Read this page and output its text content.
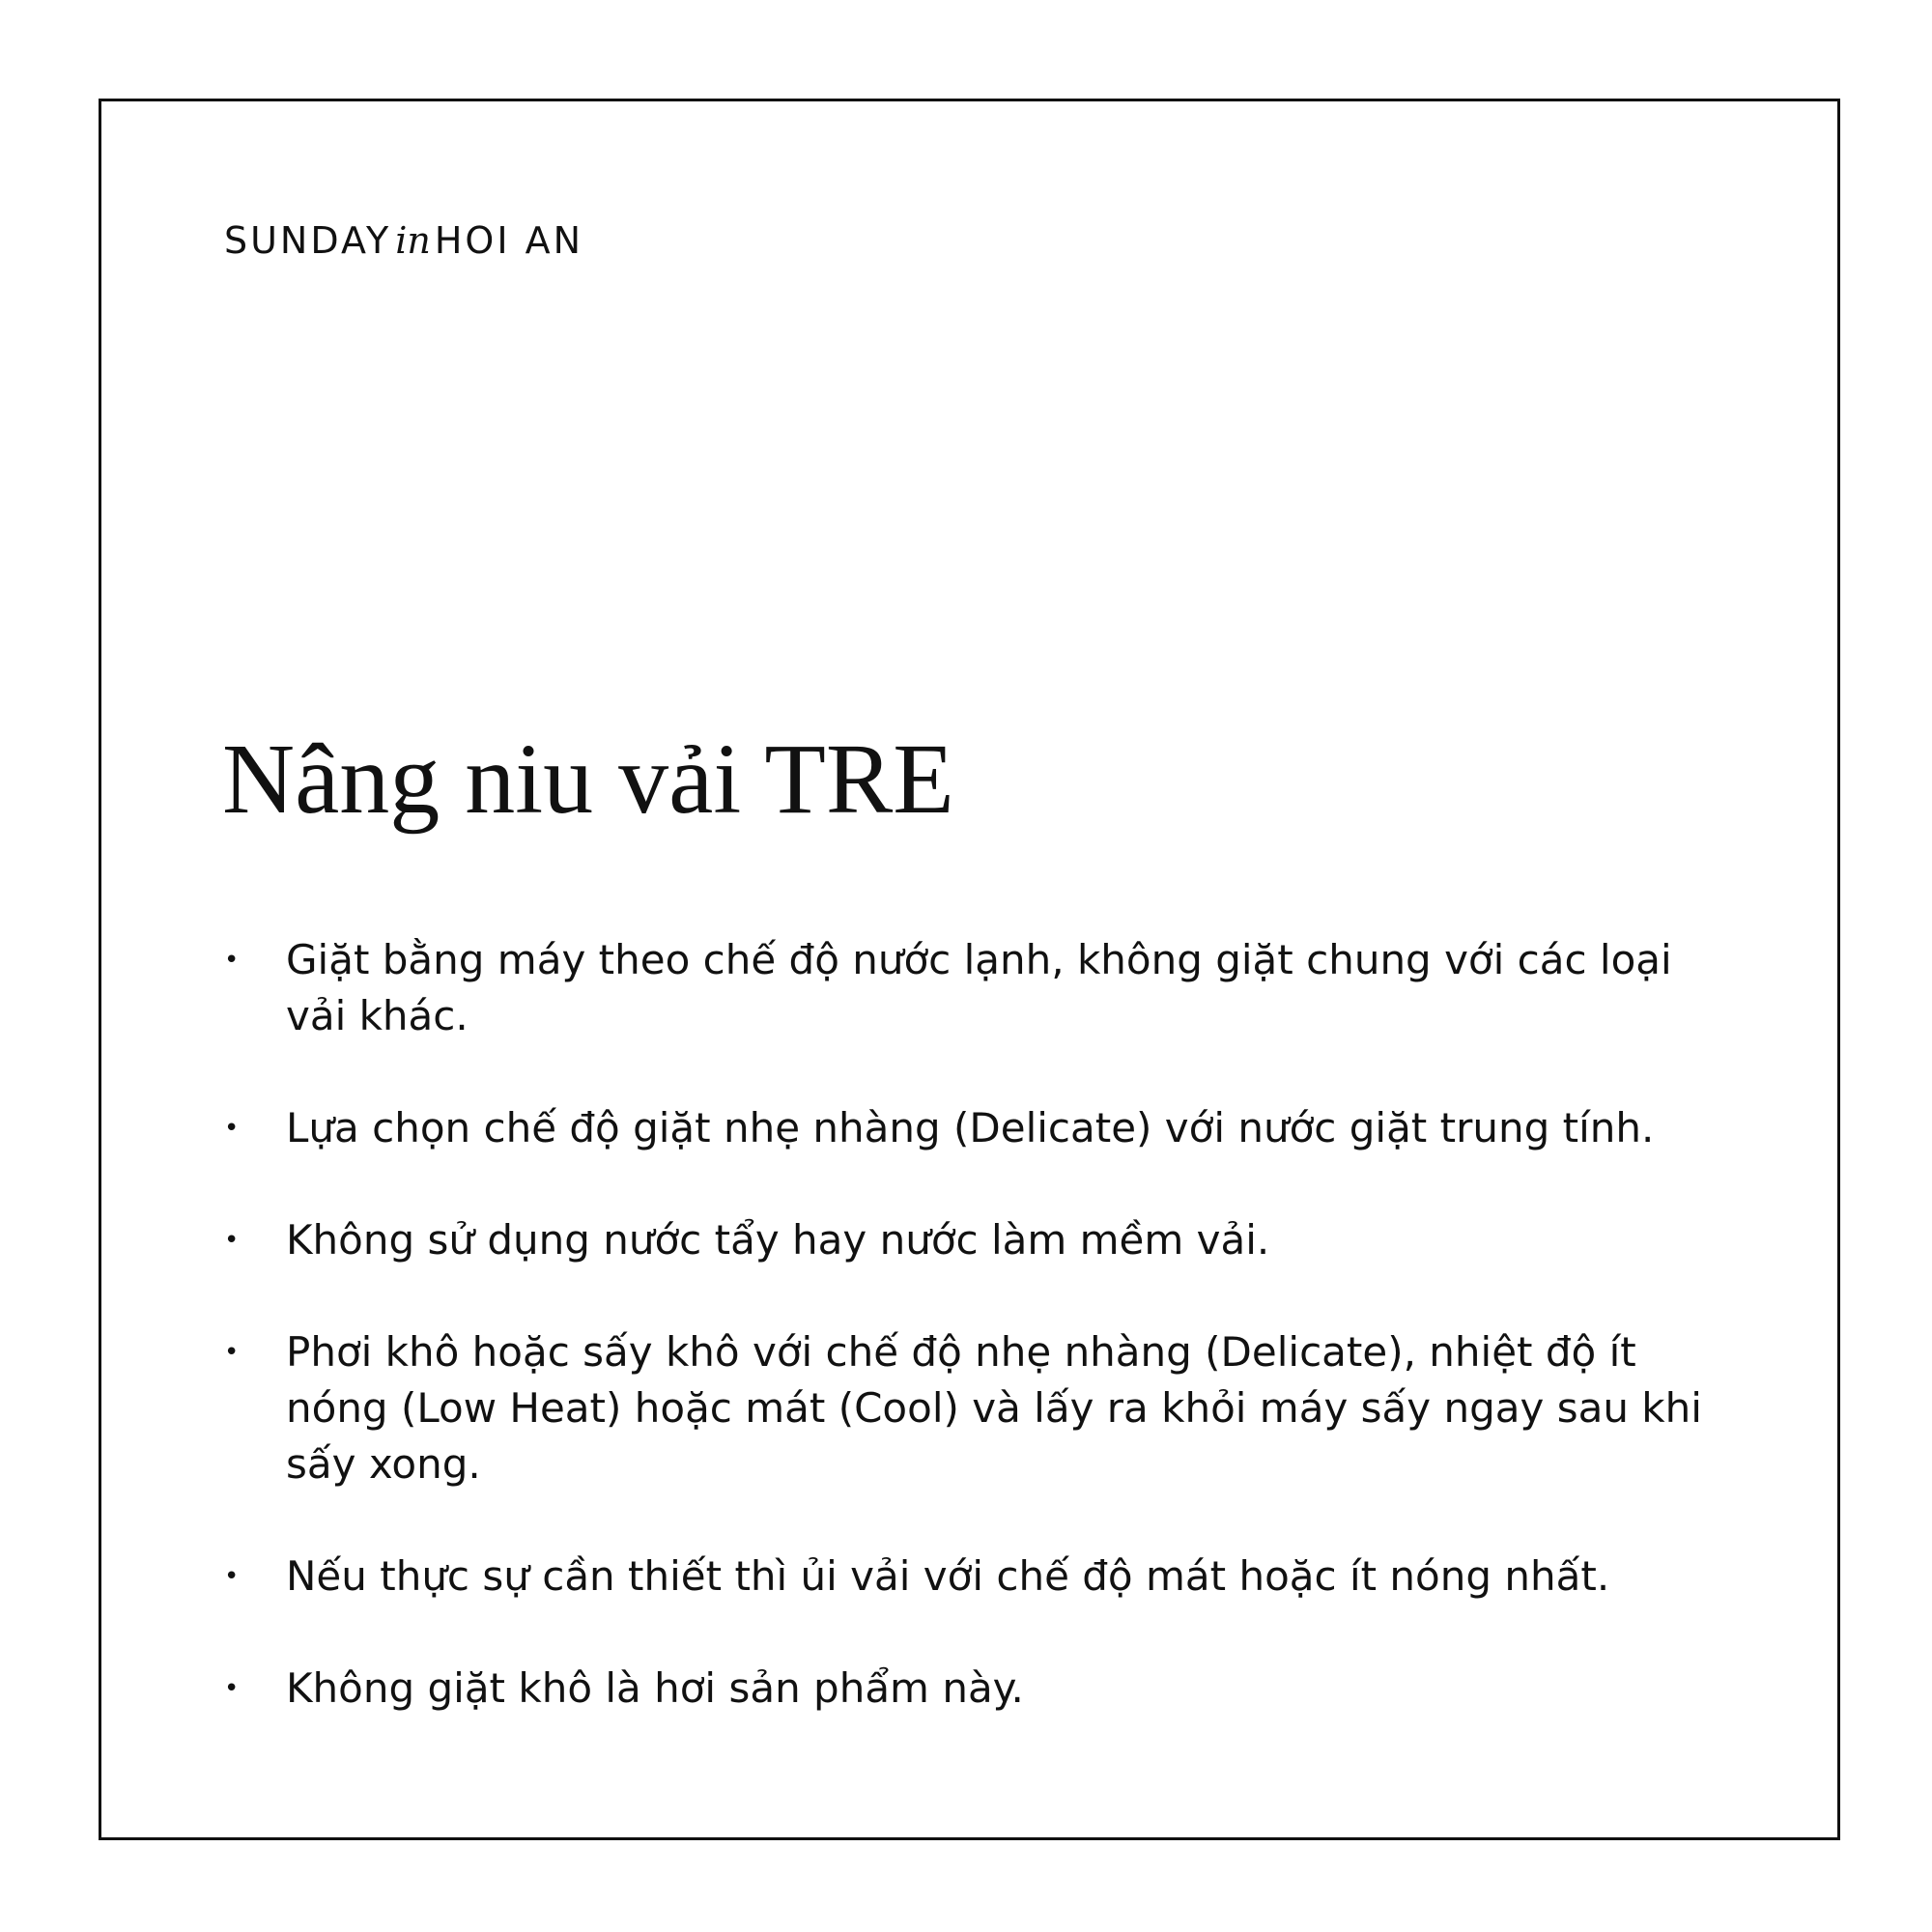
SUNDAY in HOI AN

Nâng niu vải TRE
• Giặt bằng máy theo chế độ nước lạnh, không giặt chung với các loại vải khác.
• Lựa chọn chế độ giặt nhẹ nhàng (Delicate) với nước giặt trung tính.
• Không sử dụng nước tẩy hay nước làm mềm vải.
• Phơi khô hoặc sấy khô với chế độ nhẹ nhàng (Delicate), nhiệt độ ít nóng (Low Heat) hoặc mát (Cool) và lấy ra khỏi máy sấy ngay sau khi sấy xong.
• Nếu thực sự cần thiết thì ủi vải với chế độ mát hoặc ít nóng nhất.
• Không giặt khô là hơi sản phẩm này.
